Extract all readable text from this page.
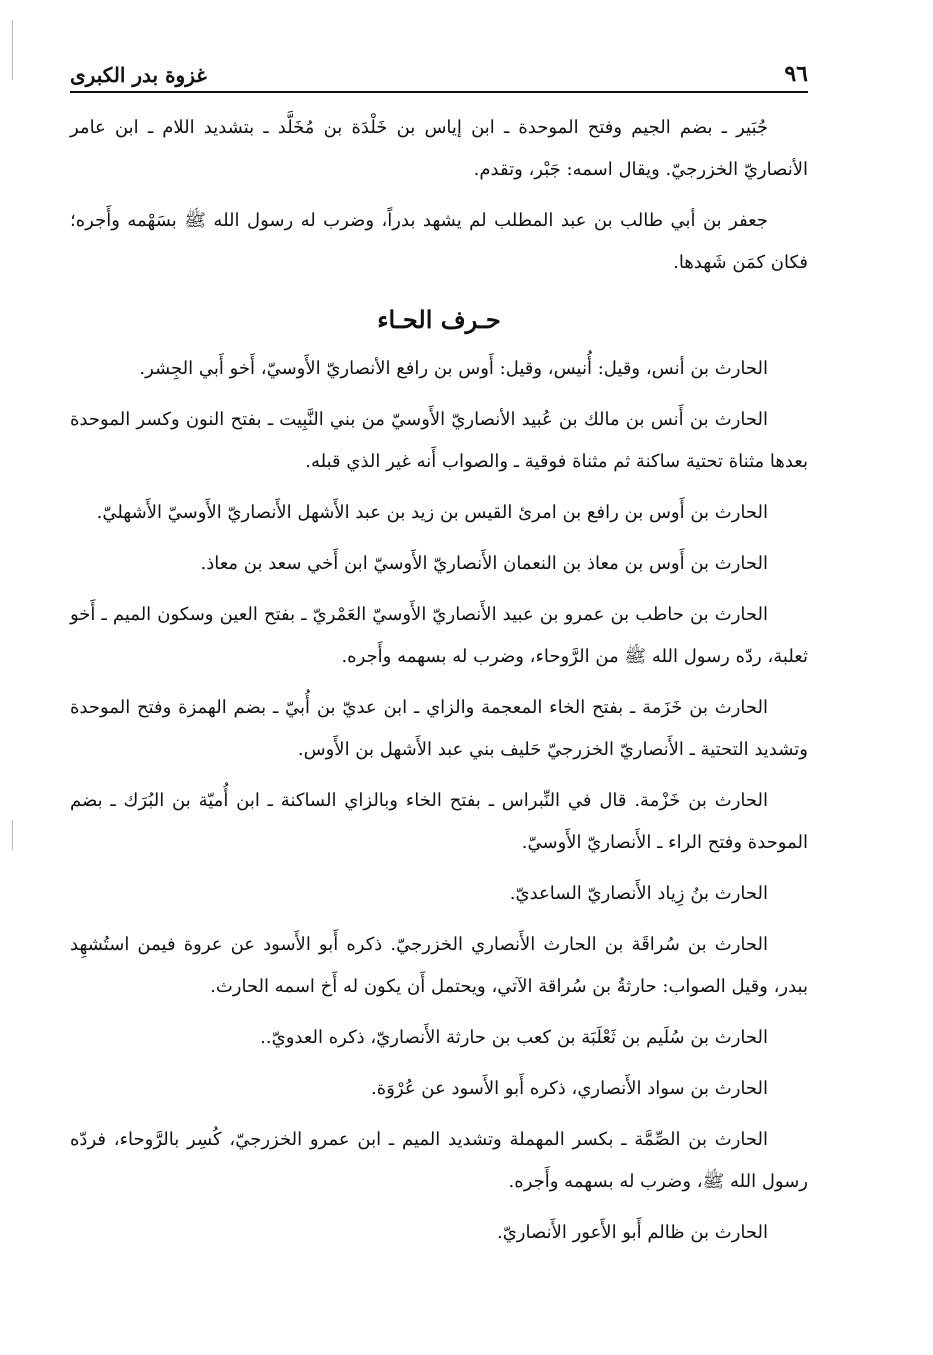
٩٦
غزوة بدر الكبرى

جُبَير ـ بضم الجيم وفتح الموحدة ـ ابن إياس بن خَلْدَة بن مُخَلَّد ـ بتشديد اللام ـ ابن عامر الأنصاريّ الخزرجيّ. ويقال اسمه: جَبْر، وتقدم.

جعفر بن أبي طالب بن عبد المطلب لم يشهد بدراً، وضرب له رسول الله ﷺ بسَهْمه وأَجره؛ فكان كمَن شَهدها.

حـرف الحـاء

الحارث بن أنس، وقيل: أُنيس، وقيل: أَوس بن رافع الأنصاريّ الأَوسيّ، أَخو أَبي الجِشر.

الحارث بن أَنس بن مالك بن عُبيد الأنصاريّ الأَوسيّ من بني النَّبِيت ـ بفتح النون وكسر الموحدة بعدها مثناة تحتية ساكنة ثم مثناة فوقية ـ والصواب أَنه غير الذي قبله.

الحارث بن أَوس بن رافع بن امرئ القيس بن زيد بن عبد الأَشهل الأَنصاريّ الأَوسيّ الأَشهليّ.

الحارث بن أَوس بن معاذ بن النعمان الأَنصاريّ الأَوسيّ ابن أَخي سعد بن معاذ.

الحارث بن حاطب بن عمرو بن عبيد الأَنصاريّ الأَوسيّ العَمْريّ ـ بفتح العين وسكون الميم ـ أَخو ثعلبة، ردّه رسول الله ﷺ من الرَّوحاء، وضرب له بسهمه وأَجره.

الحارث بن خَزَمة ـ بفتح الخاء المعجمة والزاي ـ ابن عديّ بن أُبيّ ـ بضم الهمزة وفتح الموحدة وتشديد التحتية ـ الأَنصاريّ الخزرجيّ حَليف بني عبد الأَشهل بن الأَوس.

الحارث بن خَزْمة. قال في النِّبراس ـ بفتح الخاء وبالزاي الساكنة ـ ابن أُميّة بن البُرَك ـ بضم الموحدة وفتح الراء ـ الأَنصاريّ الأَوسيّ.

الحارث بنُ زِياد الأَنصاريّ الساعديّ.

الحارث بن سُراقَة بن الحارث الأَنصاري الخزرجيّ. ذكره أَبو الأَسود عن عروة فيمن استُشهِد ببدر، وقيل الصواب: حارثةُ بن سُراقة الآتي، ويحتمل أَن يكون له أَخ اسمه الحارث.

الحارث بن سُلَيم بن ثَعْلَبَة بن كعب بن حارثة الأَنصاريّ، ذكره العدويّ..

الحارث بن سواد الأَنصاري، ذكره أَبو الأَسود عن عُرْوَة.

الحارث بن الصِّمَّة ـ بكسر المهملة وتشديد الميم ـ ابن عمرو الخزرجيّ، كُسِر بالرَّوحاء، فردّه رسول الله ﷺ، وضرب له بسهمه وأَجره.

الحارث بن ظالم أَبو الأَعور الأَنصاريّ.
